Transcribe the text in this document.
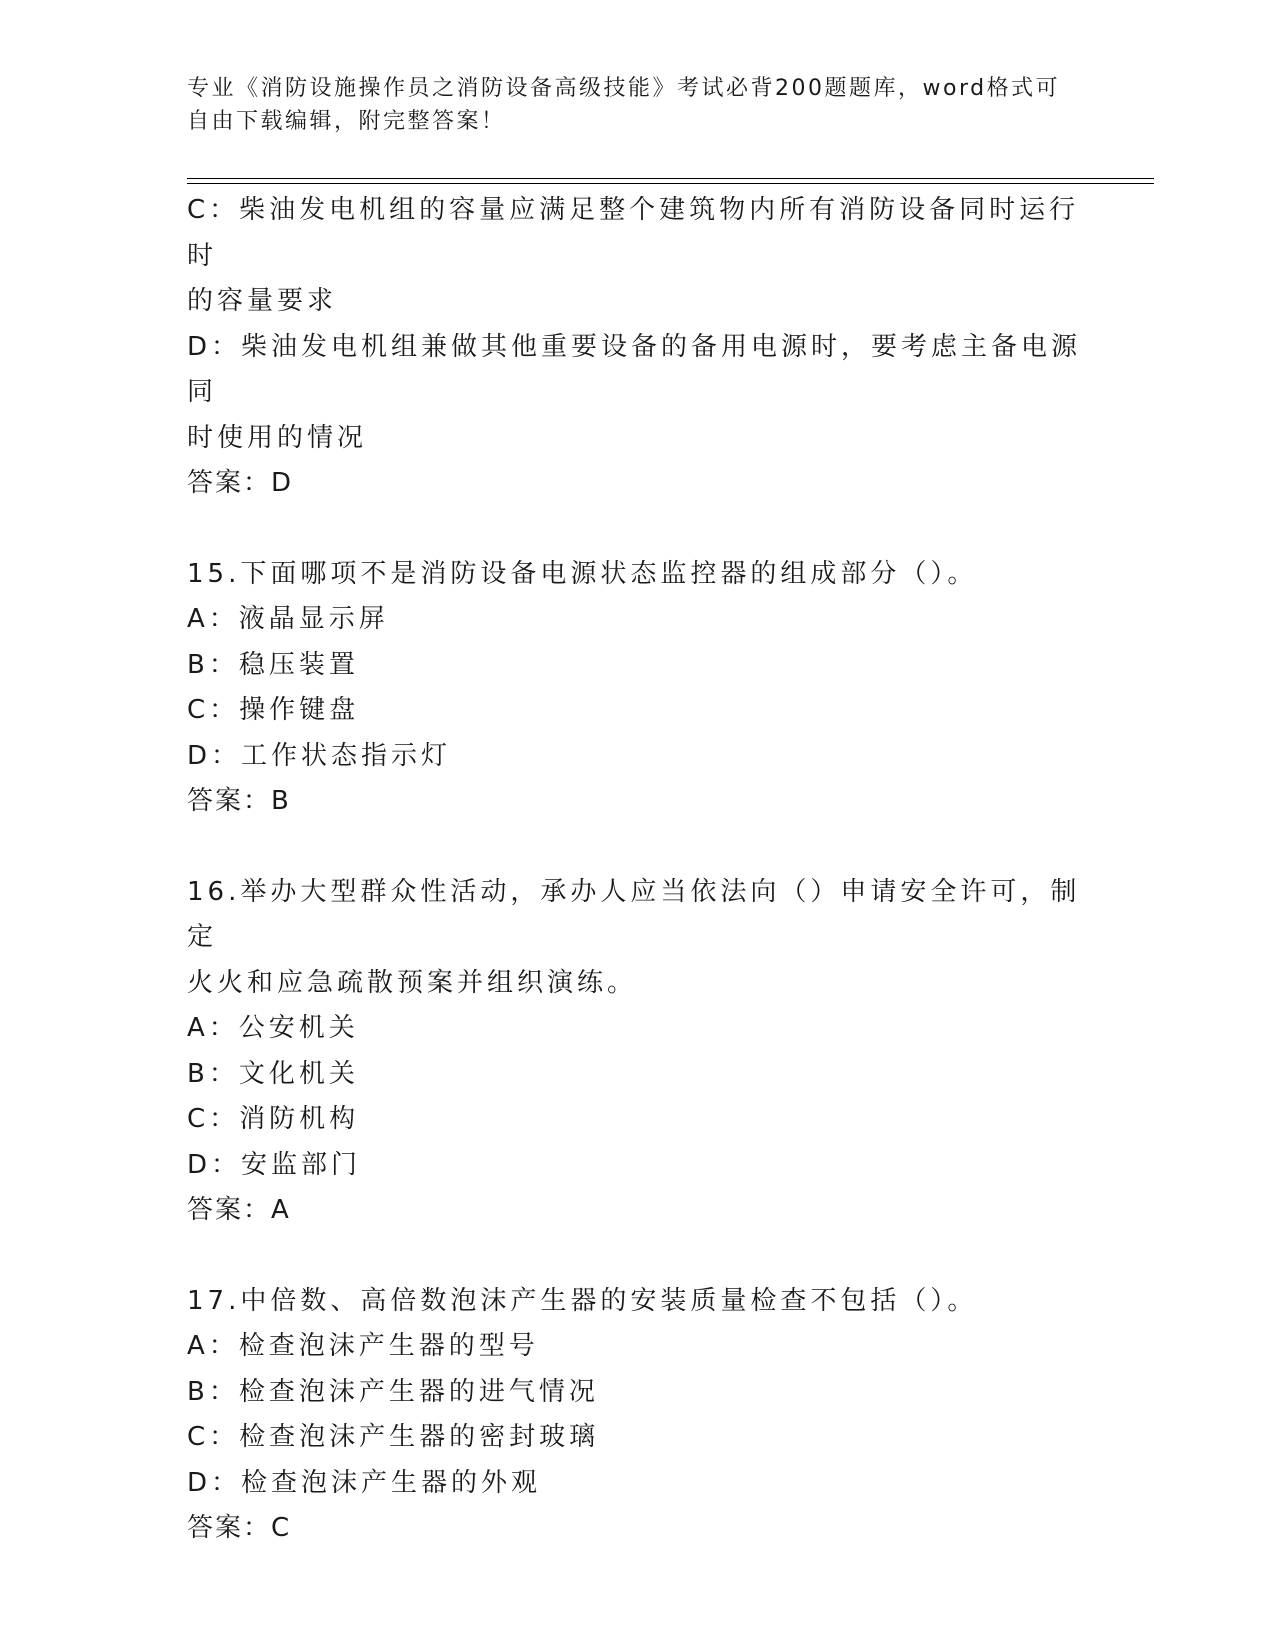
专业《消防设施操作员之消防设备高级技能》考试必背200题题库，word格式可
自由下载编辑，附完整答案！

C：柴油发电机组的容量应满足整个建筑物内所有消防设备同时运行时

的容量要求

D：柴油发电机组兼做其他重要设备的备用电源时，要考虑主备电源同

时使用的情况

答案：D

15.下面哪项不是消防设备电源状态监控器的组成部分（）。

A：液晶显示屏

B：稳压装置

C：操作键盘

D：工作状态指示灯

答案：B

16.举办大型群众性活动，承办人应当依法向（）申请安全许可，制定

火火和应急疏散预案并组织演练。

A：公安机关

B：文化机关

C：消防机构

D：安监部门

答案：A

17.中倍数、高倍数泡沫产生器的安装质量检查不包括（）。

A：检查泡沫产生器的型号

B：检查泡沫产生器的进气情况

C：检查泡沫产生器的密封玻璃

D：检查泡沫产生器的外观

答案：C
